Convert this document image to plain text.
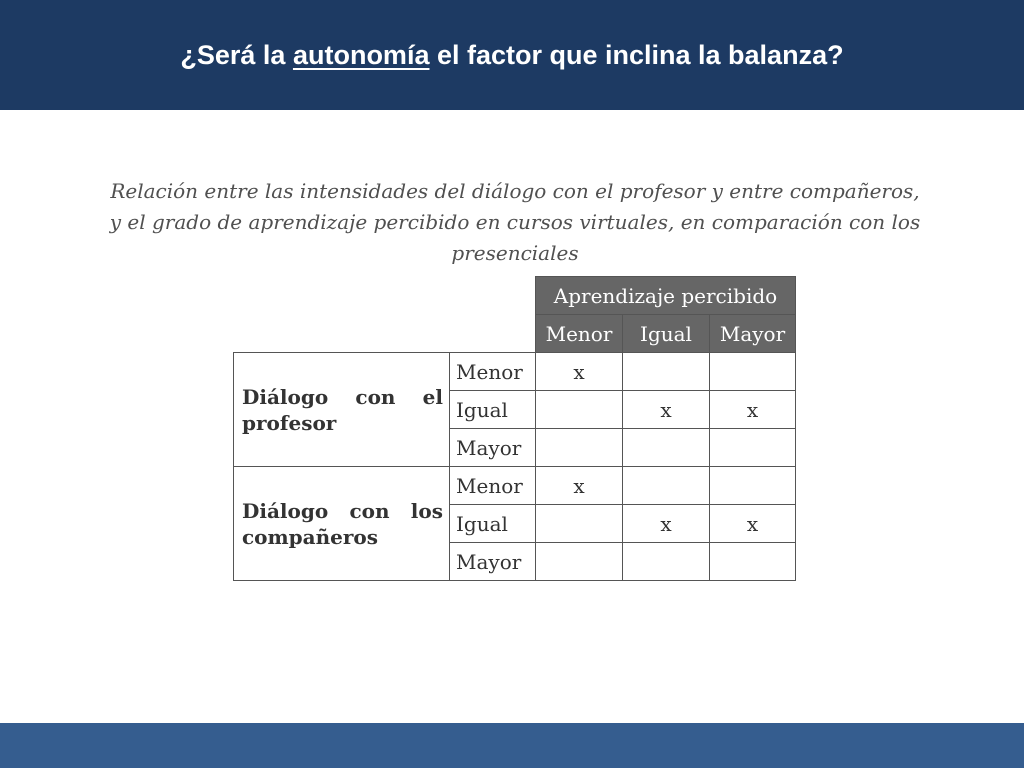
¿Será la autonomía el factor que inclina la balanza?
Relación entre las intensidades del diálogo con el profesor y entre compañeros,
y el grado de aprendizaje percibido en cursos virtuales, en comparación con los
presenciales
		Aprendizaje percibido		
		Menor	Igual	Mayor

Diálogo con el
profesor	Menor	x		
	Igual		x	x
	Mayor			

Diálogo con los
compañeros	Menor	x		
	Igual		x	x
	Mayor			
